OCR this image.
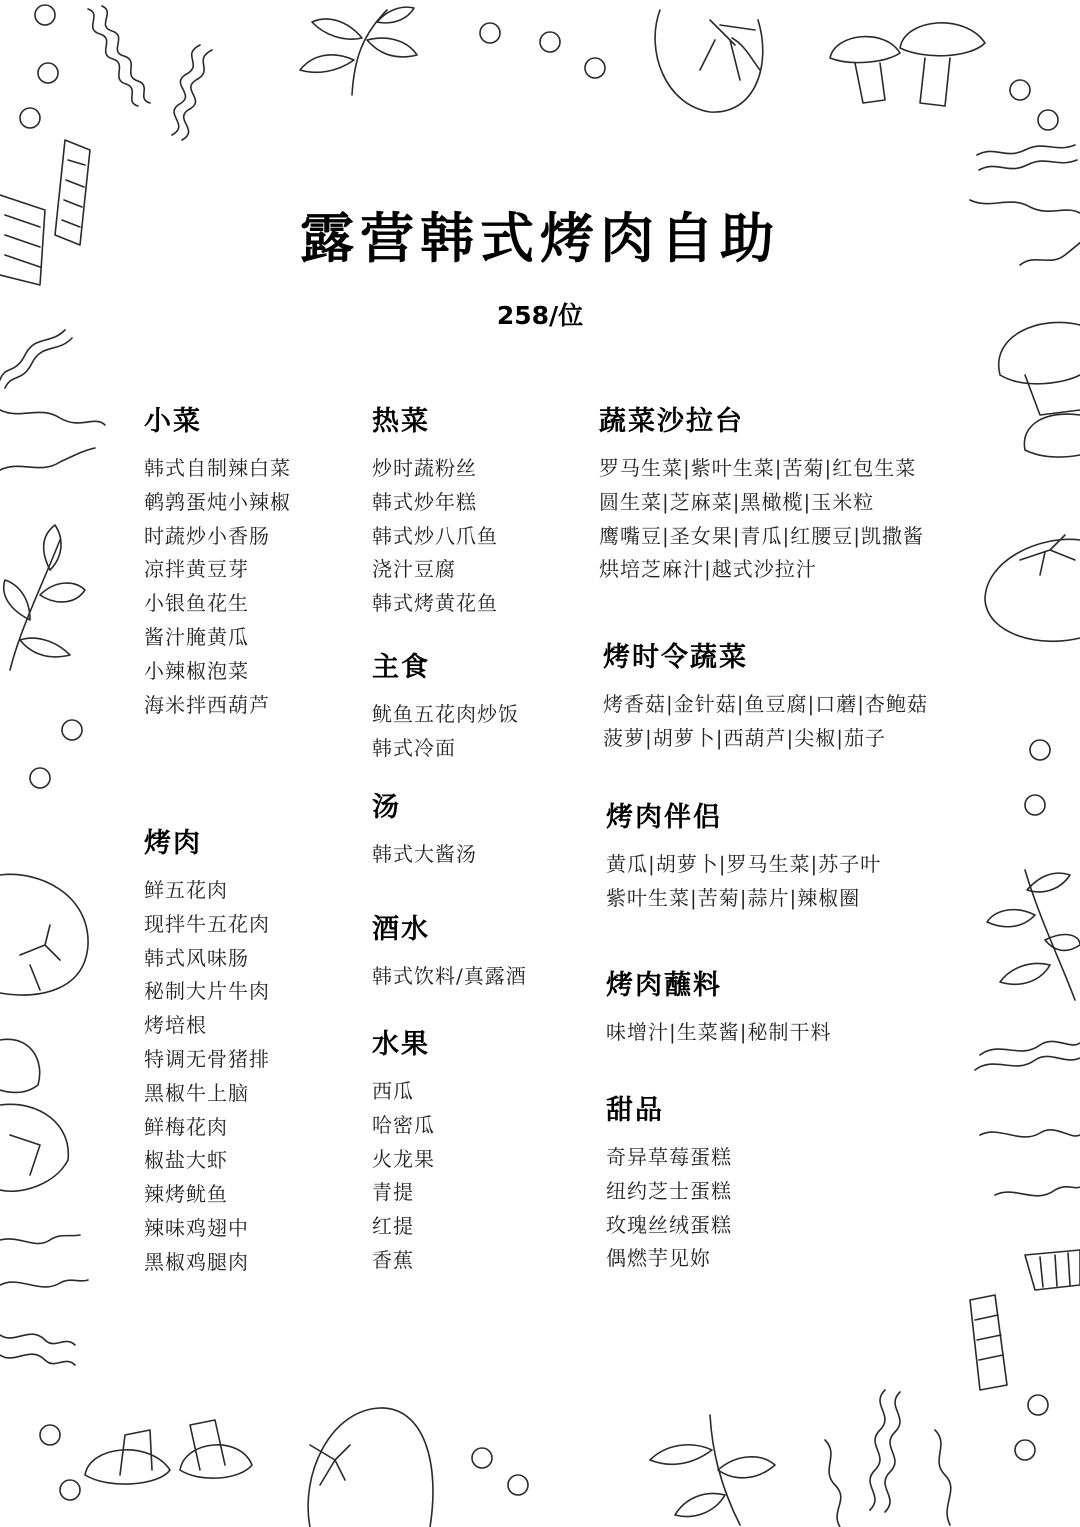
露营韩式烤肉自助
258/位
小菜
韩式自制辣白菜
鹌鹑蛋炖小辣椒
时蔬炒小香肠
凉拌黄豆芽
小银鱼花生
酱汁腌黄瓜
小辣椒泡菜
海米拌西葫芦
烤肉
鲜五花肉
现拌牛五花肉
韩式风味肠
秘制大片牛肉
烤培根
特调无骨猪排
黑椒牛上脑
鲜梅花肉
椒盐大虾
辣烤鱿鱼
辣味鸡翅中
黑椒鸡腿肉
热菜
炒时蔬粉丝
韩式炒年糕
韩式炒八爪鱼
浇汁豆腐
韩式烤黄花鱼
主食
鱿鱼五花肉炒饭
韩式冷面
汤
韩式大酱汤
酒水
韩式饮料/真露酒
水果
西瓜
哈密瓜
火龙果
青提
红提
香蕉
蔬菜沙拉台
罗马生菜|紫叶生菜|苦菊|红包生菜
圆生菜|芝麻菜|黑橄榄|玉米粒
鹰嘴豆|圣女果|青瓜|红腰豆|凯撒酱
烘培芝麻汁|越式沙拉汁
烤时令蔬菜
烤香菇|金针菇|鱼豆腐|口蘑|杏鲍菇
菠萝|胡萝卜|西葫芦|尖椒|茄子
烤肉伴侣
黄瓜|胡萝卜|罗马生菜|苏子叶
紫叶生菜|苦菊|蒜片|辣椒圈
烤肉蘸料
味增汁|生菜酱|秘制干料
甜品
奇异草莓蛋糕
纽约芝士蛋糕
玫瑰丝绒蛋糕
偶燃芋见妳
